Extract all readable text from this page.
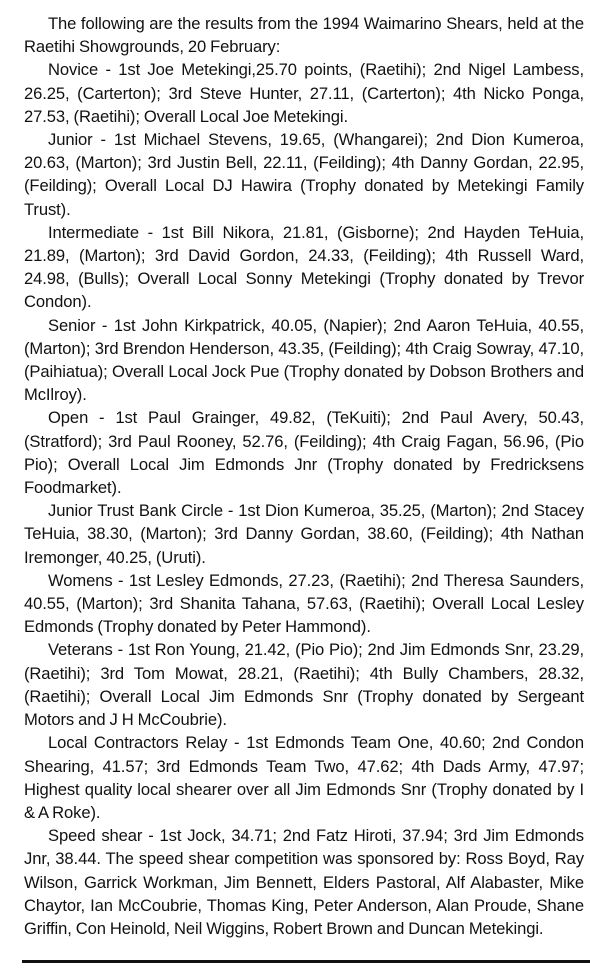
The following are the results from the 1994 Waimarino Shears, held at the Raetihi Showgrounds, 20 February:

Novice - 1st Joe Metekingi,25.70 points, (Raetihi); 2nd Nigel Lambess, 26.25, (Carterton); 3rd Steve Hunter, 27.11, (Carterton); 4th Nicko Ponga, 27.53, (Raetihi); Overall Local Joe Metekingi.

Junior - 1st Michael Stevens, 19.65, (Whangarei); 2nd Dion Kumeroa, 20.63, (Marton); 3rd Justin Bell, 22.11, (Feilding); 4th Danny Gordan, 22.95, (Feilding); Overall Local DJ Hawira (Trophy donated by Metekingi Family Trust).

Intermediate - 1st Bill Nikora, 21.81, (Gisborne); 2nd Hayden TeHuia, 21.89, (Marton); 3rd David Gordon, 24.33, (Feilding); 4th Russell Ward, 24.98, (Bulls); Overall Local Sonny Metekingi (Trophy donated by Trevor Condon).

Senior - 1st John Kirkpatrick, 40.05, (Napier); 2nd Aaron TeHuia, 40.55, (Marton); 3rd Brendon Henderson, 43.35, (Feilding); 4th Craig Sowray, 47.10, (Paihiatua); Overall Local Jock Pue (Trophy donated by Dobson Brothers and McIlroy).

Open - 1st Paul Grainger, 49.82, (TeKuiti); 2nd Paul Avery, 50.43, (Stratford); 3rd Paul Rooney, 52.76, (Feilding); 4th Craig Fagan, 56.96, (Pio Pio); Overall Local Jim Edmonds Jnr (Trophy donated by Fredricksens Foodmarket).

Junior Trust Bank Circle - 1st Dion Kumeroa, 35.25, (Marton); 2nd Stacey TeHuia, 38.30, (Marton); 3rd Danny Gordan, 38.60, (Feilding); 4th Nathan Iremonger, 40.25, (Uruti).

Womens - 1st Lesley Edmonds, 27.23, (Raetihi); 2nd Theresa Saunders, 40.55, (Marton); 3rd Shanita Tahana, 57.63, (Raetihi); Overall Local Lesley Edmonds (Trophy donated by Peter Hammond).

Veterans - 1st Ron Young, 21.42, (Pio Pio); 2nd Jim Edmonds Snr, 23.29, (Raetihi); 3rd Tom Mowat, 28.21, (Raetihi); 4th Bully Chambers, 28.32, (Raetihi); Overall Local Jim Edmonds Snr (Trophy donated by Sergeant Motors and J H McCoubrie).

Local Contractors Relay - 1st Edmonds Team One, 40.60; 2nd Condon Shearing, 41.57; 3rd Edmonds Team Two, 47.62; 4th Dads Army, 47.97; Highest quality local shearer over all Jim Edmonds Snr (Trophy donated by I & A Roke).

Speed shear - 1st Jock, 34.71; 2nd Fatz Hiroti, 37.94; 3rd Jim Edmonds Jnr, 38.44. The speed shear competition was sponsored by: Ross Boyd, Ray Wilson, Garrick Workman, Jim Bennett, Elders Pastoral, Alf Alabaster, Mike Chaytor, Ian McCoubrie, Thomas King, Peter Anderson, Alan Proude, Shane Griffin, Con Heinold, Neil Wiggins, Robert Brown and Duncan Metekingi.
